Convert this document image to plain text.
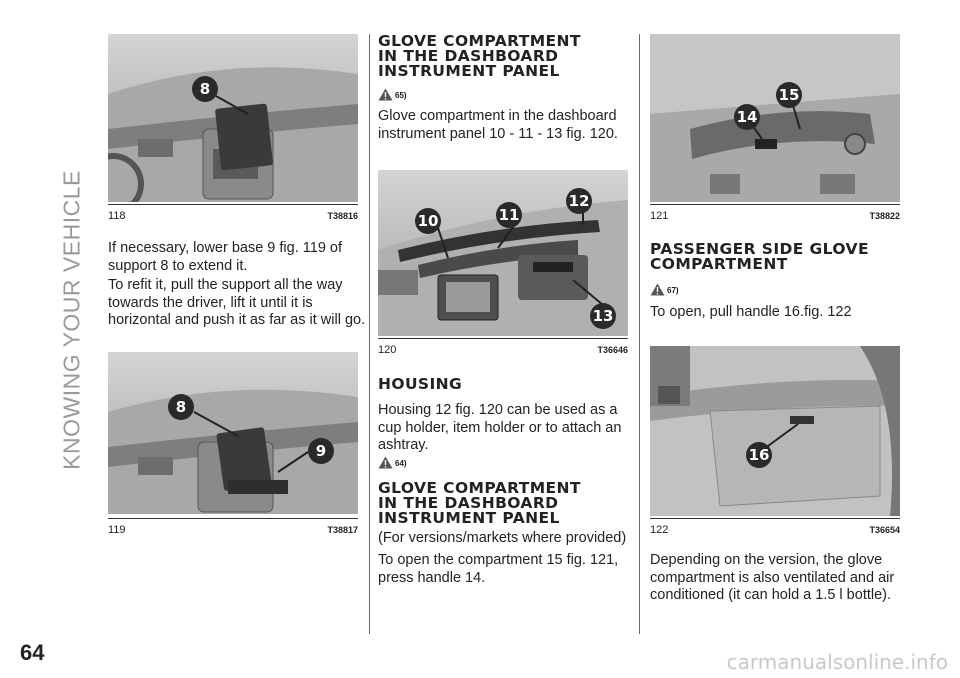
KNOWING YOUR VEHICLE
64	carmanualsonline.info
8
118	T38816
If necessary, lower base 9 fig. 119 of support 8 to extend it.
To refit it, pull the support all the way towards the driver, lift it until it is horizontal and push it as far as it will go.
8
9
119	T38817
GLOVE COMPARTMENT
IN THE DASHBOARD
INSTRUMENT PANEL
65)
Glove compartment in the dashboard instrument panel 10 - 11 - 13 fig. 120.
10	11
12
13
120	T36646
HOUSING
Housing 12 fig. 120 can be used as a cup holder, item holder or to attach an ashtray.
64)
GLOVE COMPARTMENT
IN THE DASHBOARD
INSTRUMENT PANEL
(For versions/markets where provided)
To open the compartment 15 fig. 121, press handle 14.
14
15
121	T38822
PASSENGER SIDE GLOVE
COMPARTMENT
67)
To open, pull handle 16.fig. 122
16
122	T36654
Depending on the version, the glove compartment is also ventilated and air conditioned (it can hold a 1.5 l bottle).
